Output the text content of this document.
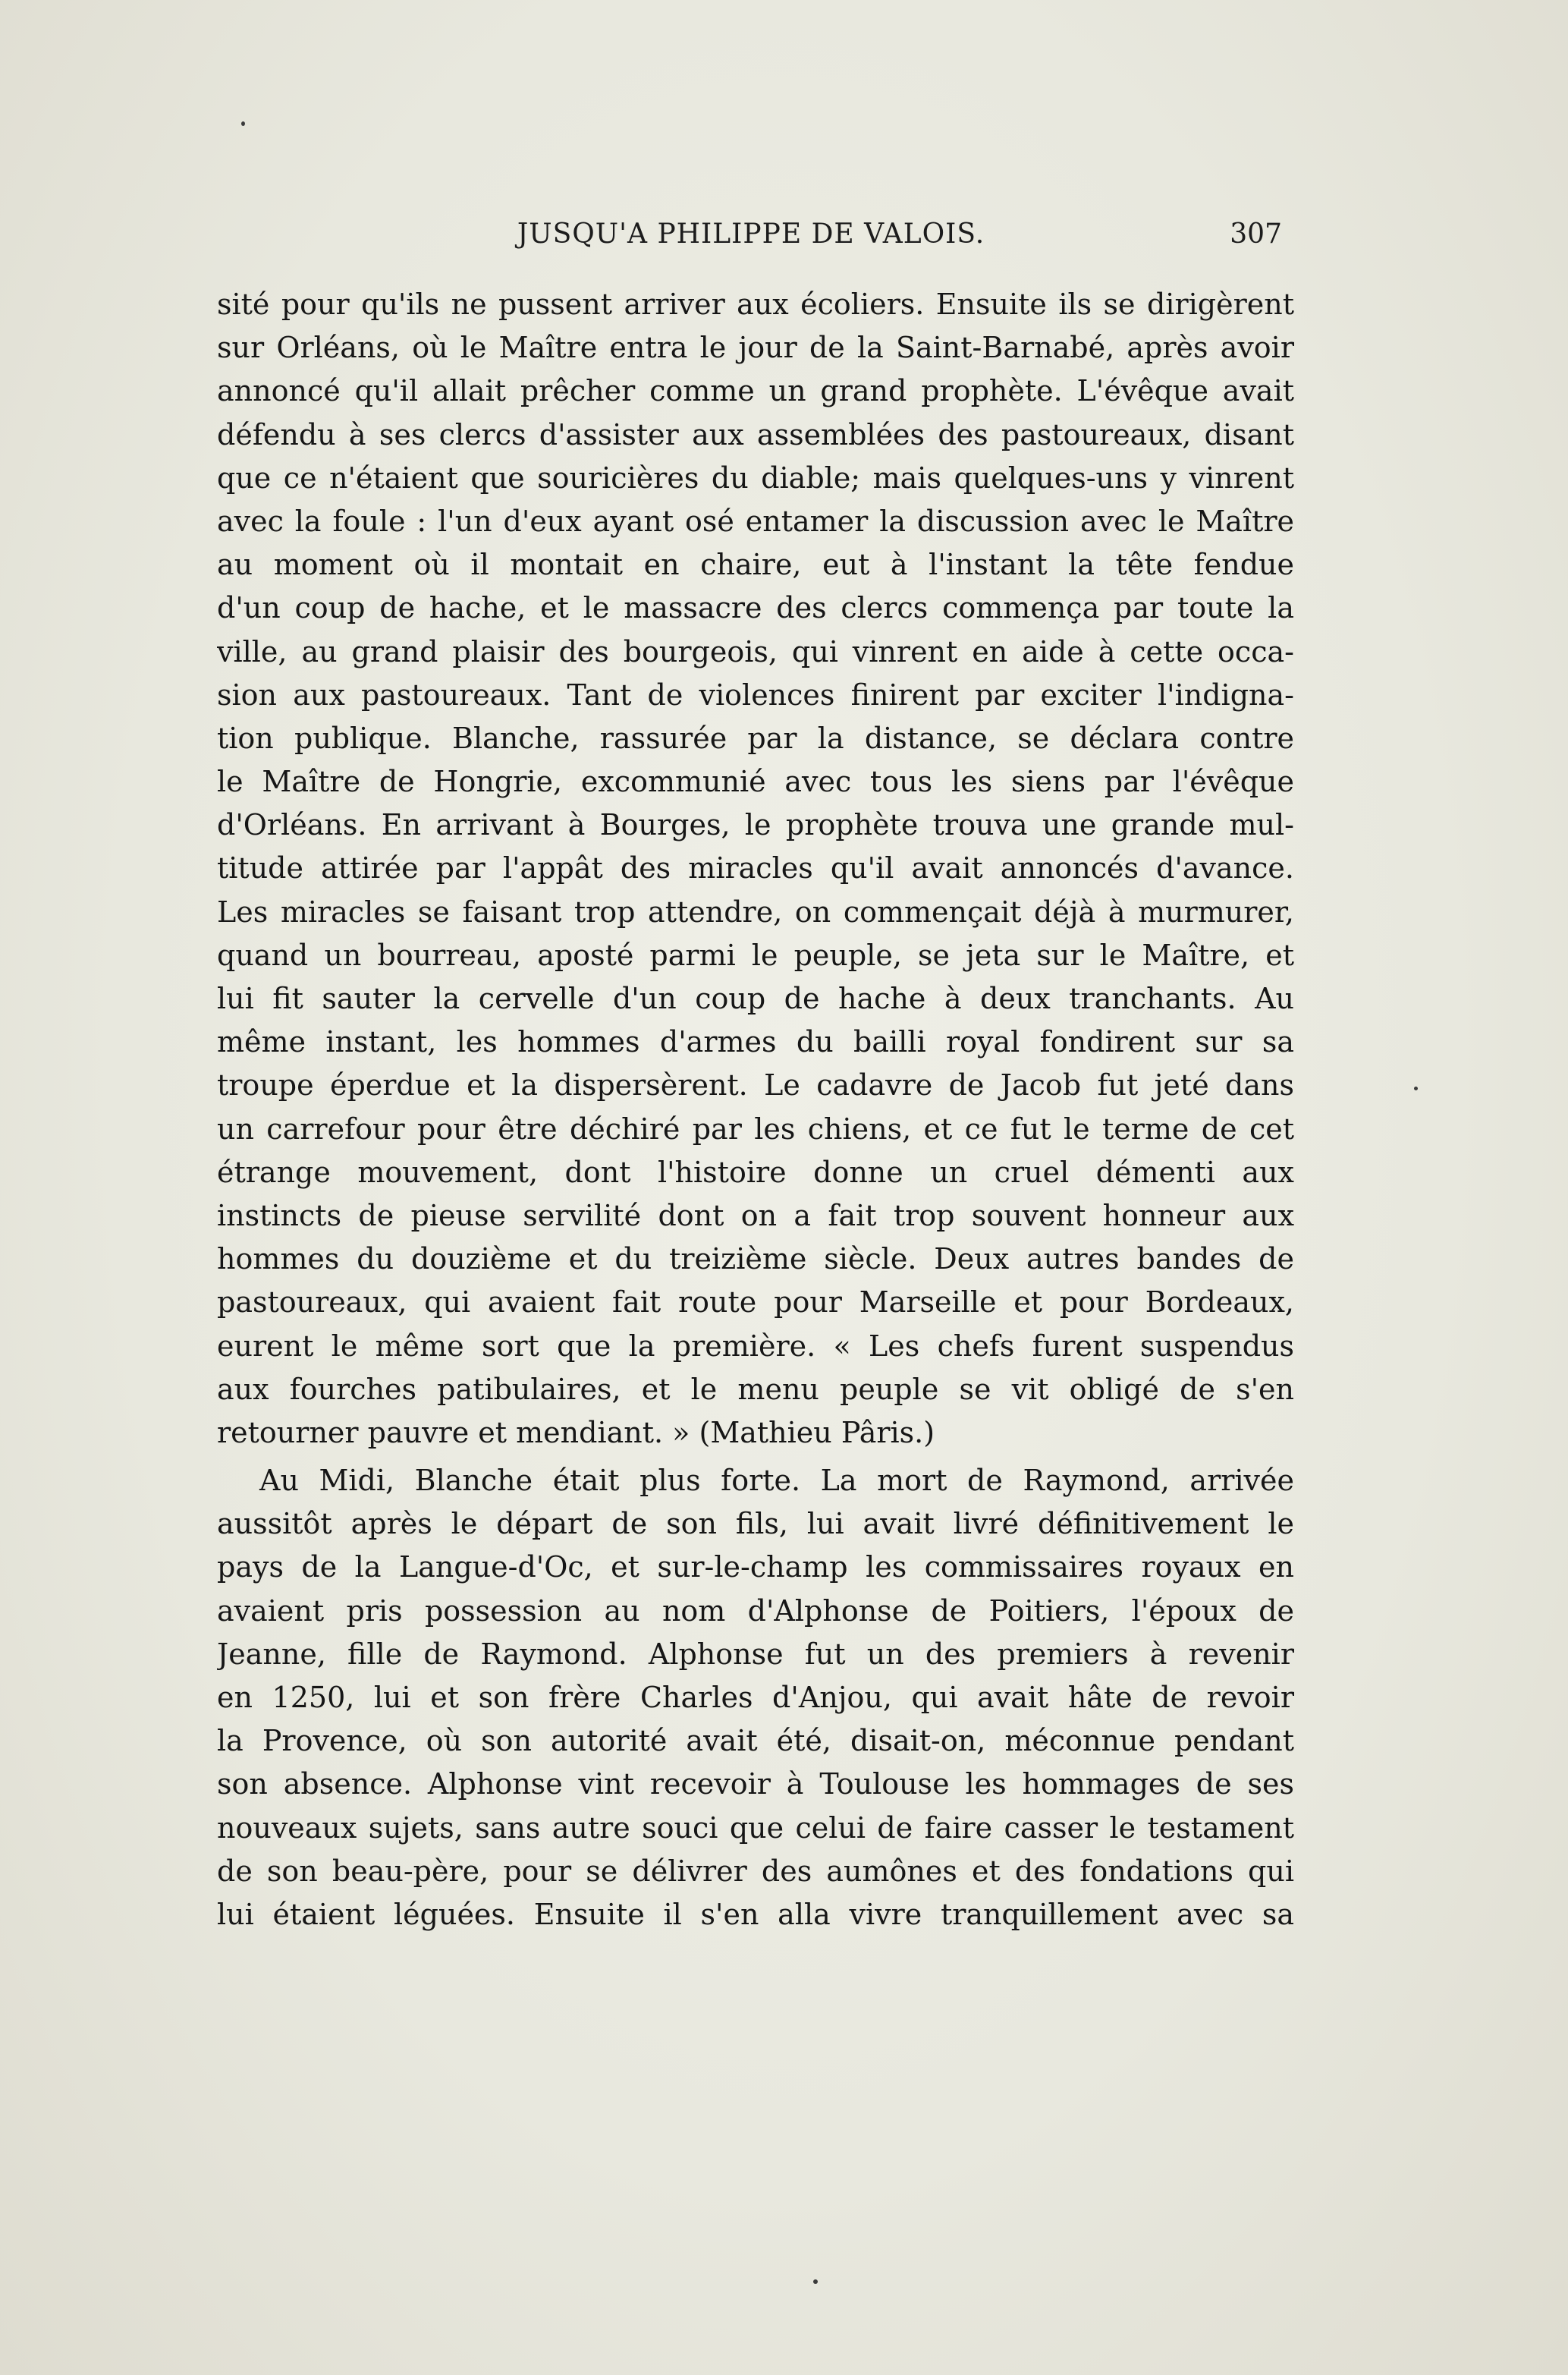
JUSQU'A PHILIPPE DE VALOIS.	307
sité pour qu'ils ne pussent arriver aux écoliers. Ensuite ils se dirigèrent
sur Orléans, où le Maître entra le jour de la Saint-Barnabé, après avoir
annoncé qu'il allait prêcher comme un grand prophète. L'évêque avait
défendu à ses clercs d'assister aux assemblées des pastoureaux, disant
que ce n'étaient que souricières du diable; mais quelques-uns y vinrent
avec la foule : l'un d'eux ayant osé entamer la discussion avec le Maître
au moment où il montait en chaire, eut à l'instant la tête fendue
d'un coup de hache, et le massacre des clercs commença par toute la
ville, au grand plaisir des bourgeois, qui vinrent en aide à cette occa-
sion aux pastoureaux. Tant de violences finirent par exciter l'indigna-
tion publique. Blanche, rassurée par la distance, se déclara contre
le Maître de Hongrie, excommunié avec tous les siens par l'évêque
d'Orléans. En arrivant à Bourges, le prophète trouva une grande mul-
titude attirée par l'appât des miracles qu'il avait annoncés d'avance.
Les miracles se faisant trop attendre, on commençait déjà à murmurer,
quand un bourreau, aposté parmi le peuple, se jeta sur le Maître, et
lui fit sauter la cervelle d'un coup de hache à deux tranchants. Au
même instant, les hommes d'armes du bailli royal fondirent sur sa
troupe éperdue et la dispersèrent. Le cadavre de Jacob fut jeté dans
un carrefour pour être déchiré par les chiens, et ce fut le terme de cet
étrange mouvement, dont l'histoire donne un cruel démenti aux
instincts de pieuse servilité dont on a fait trop souvent honneur aux
hommes du douzième et du treizième siècle. Deux autres bandes de
pastoureaux, qui avaient fait route pour Marseille et pour Bordeaux,
eurent le même sort que la première. « Les chefs furent suspendus
aux fourches patibulaires, et le menu peuple se vit obligé de s'en
retourner pauvre et mendiant. » (Mathieu Pâris.)
Au Midi, Blanche était plus forte. La mort de Raymond, arrivée
aussitôt après le départ de son fils, lui avait livré définitivement le
pays de la Langue-d'Oc, et sur-le-champ les commissaires royaux en
avaient pris possession au nom d'Alphonse de Poitiers, l'époux de
Jeanne, fille de Raymond. Alphonse fut un des premiers à revenir
en 1250, lui et son frère Charles d'Anjou, qui avait hâte de revoir
la Provence, où son autorité avait été, disait-on, méconnue pendant
son absence. Alphonse vint recevoir à Toulouse les hommages de ses
nouveaux sujets, sans autre souci que celui de faire casser le testament
de son beau-père, pour se délivrer des aumônes et des fondations qui
lui étaient léguées. Ensuite il s'en alla vivre tranquillement avec sa
